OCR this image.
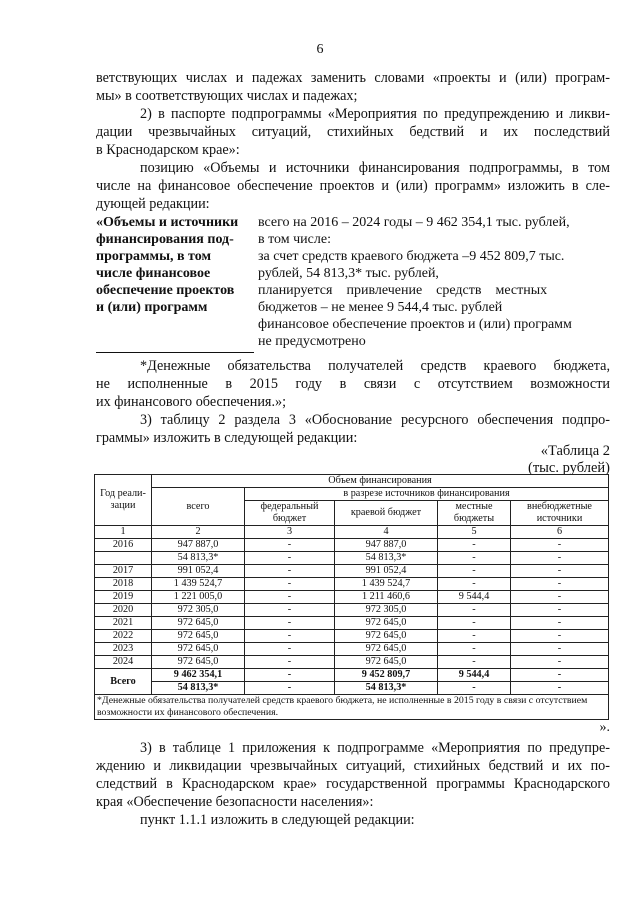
6
ветствующих числах и падежах заменить словами «проекты и (или) програм-
мы» в соответствующих числах и падежах;
2) в паспорте подпрограммы «Мероприятия по предупреждению и ликви-
дации чрезвычайных ситуаций, стихийных бедствий и их последствий
в Краснодарском крае»:
позицию «Объемы и источники финансирования подпрограммы, в том
числе на финансовое обеспечение проектов и (или) программ» изложить в сле-
дующей редакции:
«Объемы и источники
финансирования под-
программы, в том
числе финансовое
обеспечение проектов
и (или) программ
всего на 2016 – 2024 годы – 9 462 354,1 тыс. рублей,
в том числе:
за счет средств краевого бюджета –9 452 809,7 тыс.
рублей, 54 813,3* тыс. рублей,
планируется    привлечение    средств    местных
бюджетов – не менее 9 544,4 тыс. рублей
финансовое обеспечение проектов и (или) программ
не предусмотрено
*Денежные обязательства получателей средств краевого бюджета,
не исполненные в 2015 году в связи с отсутствием возможности
их финансового обеспечения.»;
3) таблицу 2 раздела 3 «Обоснование ресурсного обеспечения подпро-
граммы» изложить в следующей редакции:
«Таблица 2
(тыс. рублей)
Год реали-зации	Объем финансирования				
	всего	в разрезе источников финансирования			
		федеральный бюджет	краевой бюджет	местные бюджеты	внебюджетные источники
1	2	3	4	5	6
2016	947 887,0	-	947 887,0	-	-
	54 813,3*	-	54 813,3*	-	-
2017	991 052,4	-	991 052,4	-	-
2018	1 439 524,7	-	1 439 524,7	-	-
2019	1 221 005,0	-	1 211 460,6	9 544,4	-
2020	972 305,0	-	972 305,0	-	-
2021	972 645,0	-	972 645,0	-	-
2022	972 645,0	-	972 645,0	-	-
2023	972 645,0	-	972 645,0	-	-
2024	972 645,0	-	972 645,0	-	-
Всего	9 462 354,1	-	9 452 809,7	9 544,4	-
	54 813,3*	-	54 813,3*	-	-
*Денежные обязательства получателей средств краевого бюджета, не исполненные в 2015 году в связи с отсутствием возможности их финансового обеспечения.					
».
3) в таблице 1 приложения к подпрограмме «Мероприятия по предупре-
ждению и ликвидации чрезвычайных ситуаций, стихийных бедствий и их по-
следствий в Краснодарском крае» государственной программы Краснодарского
края «Обеспечение безопасности населения»:
пункт 1.1.1 изложить в следующей редакции:
